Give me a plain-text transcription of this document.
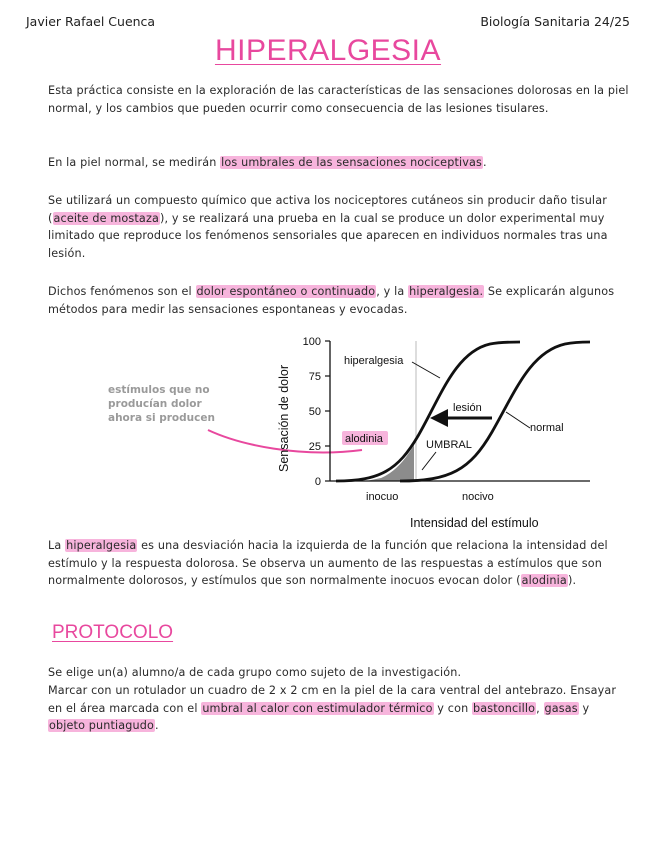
Javier Rafael Cuenca	Biología Sanitaria 24/25
HIPERALGESIA
Esta práctica consiste en la exploración de las características de las sensaciones dolorosas en la piel normal, y los cambios que pueden ocurrir como consecuencia de las lesiones tisulares.
En la piel normal, se medirán los umbrales de las sensaciones nociceptivas.
Se utilizará un compuesto químico que activa los nociceptores cutáneos sin producir daño tisular (aceite de mostaza), y se realizará una prueba en la cual se produce un dolor experimental muy limitado que reproduce los fenómenos sensoriales que aparecen en individuos normales tras una lesión.
Dichos fenómenos son el dolor espontáneo o continuado, y la hiperalgesia. Se explicarán algunos métodos para medir las sensaciones espontaneas y evocadas.
estímulos que no producían dolor ahora si producen
0
25
50
75
100
hiperalgesia
normal
lesión
alodinia	UMBRAL
inocuo	nocivo
Intensidad del estímulo
Sensación de dolor
La hiperalgesia es una desviación hacia la izquierda de la función que relaciona la intensidad del estímulo y la respuesta dolorosa. Se observa un aumento de las respuestas a estímulos que son normalmente dolorosos, y estímulos que son normalmente inocuos evocan dolor (alodinia).
PROTOCOLO
Se elige un(a) alumno/a de cada grupo como sujeto de la investigación.
Marcar con un rotulador un cuadro de 2 x 2 cm en la piel de la cara ventral del antebrazo. Ensayar en el área marcada con el umbral al calor con estimulador térmico y con bastoncillo, gasas y objeto puntiagudo.
